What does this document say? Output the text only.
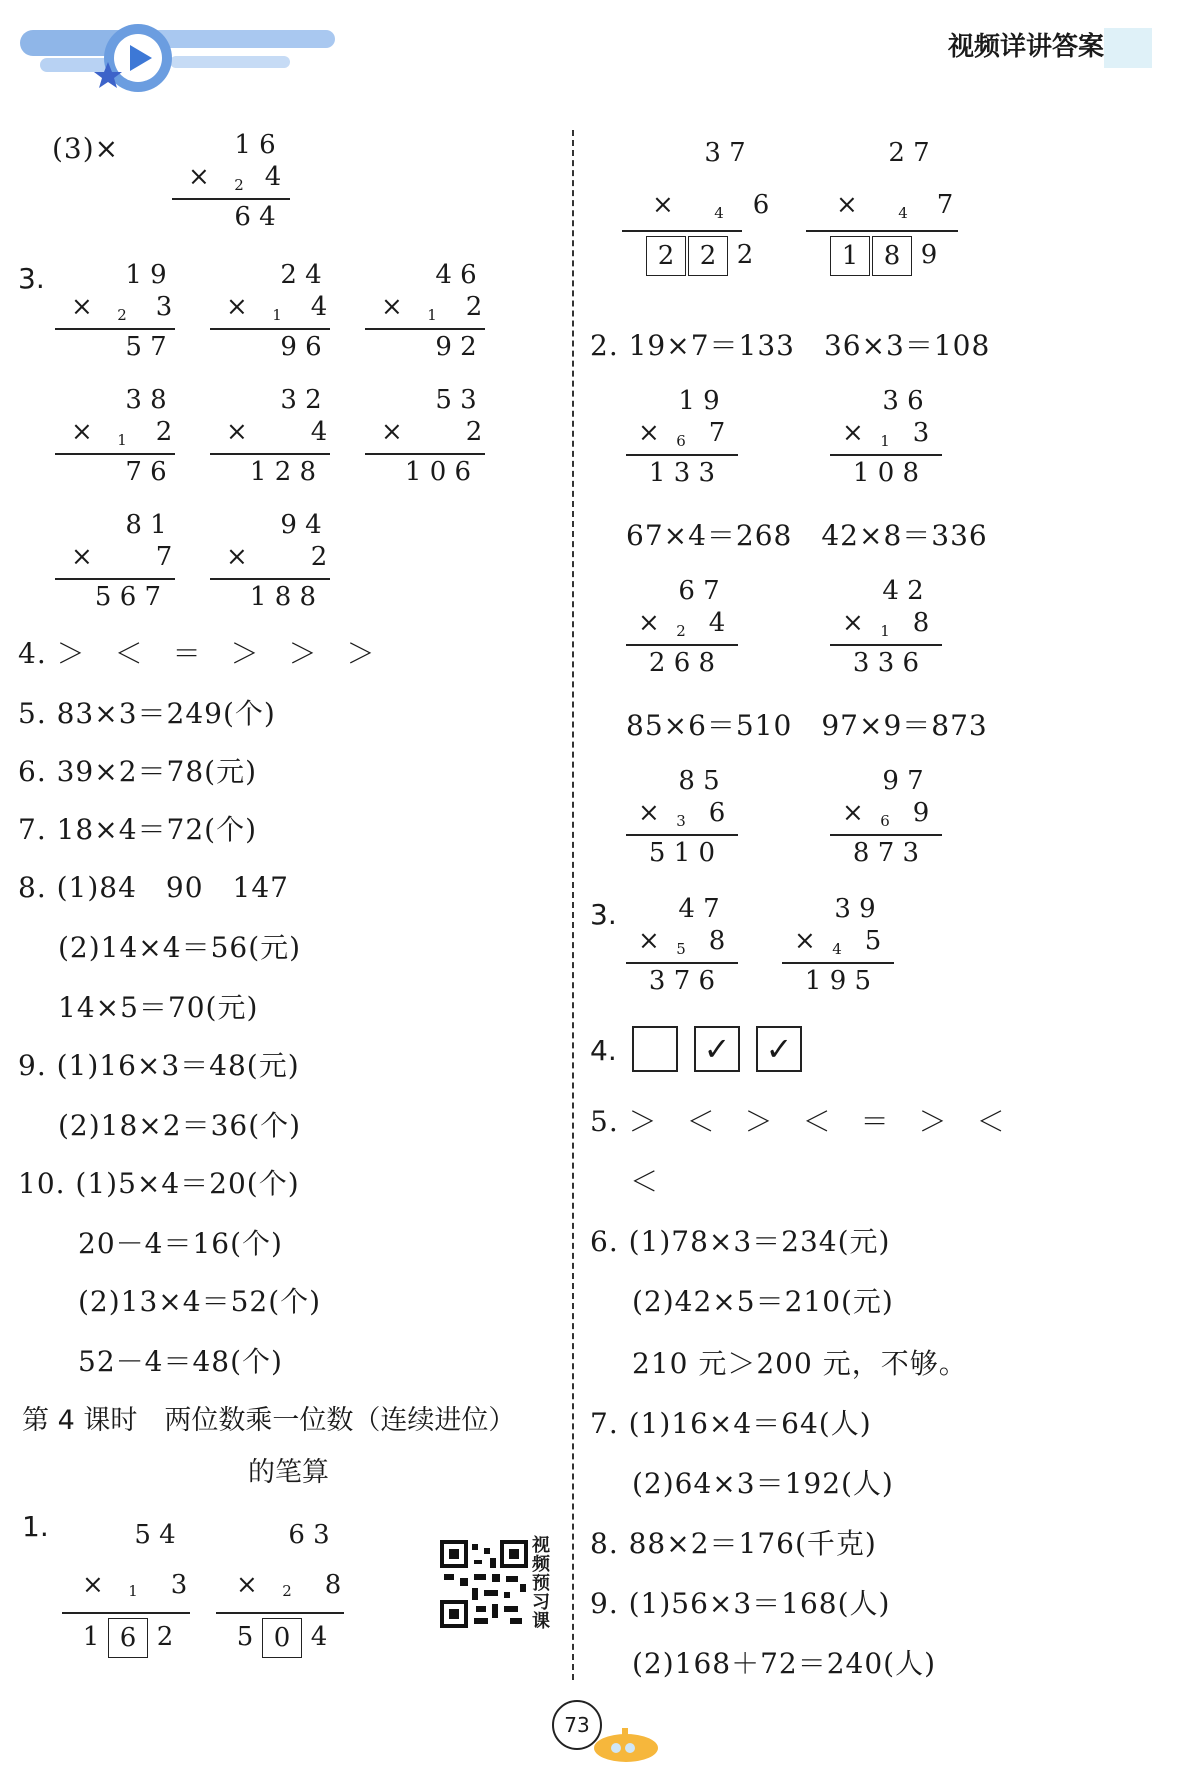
视频详讲答案
(3)×	1 6
× 2 4
6 4
3.	1 9
× 2	3
5 7
2 4
× 1	4
9 6
4 6
× 1	2
9 2
3 8
× 1	2
7 6
3 2
×	4
1 2 8
5 3
×	2
1 0 6
8 1
×	7
5 6 7
9 4
×	2
1 8 8
4. ＞　＜　＝　＞　＞　＞
5. 83×3＝249(个)
6. 39×2＝78(元)
7. 18×4＝72(个)
8. (1)84　90　147
(2)14×4＝56(元)
14×5＝70(元)
9. (1)16×3＝48(元)
(2)18×2＝36(个)
10. (1)5×4＝20(个)
20－4＝16(个)
(2)13×4＝52(个)
52－4＝48(个)
第 4 课时　两位数乘一位数（连续进位）
的笔算
1.	5 4
× 1	3
1 6 2
6 3
× 2	8
5 0 4
视频预习课
3 7
×	4	6
2 2 2
2 7
×	4	7
1 8 9
2. 19×7＝133　36×3＝108
1 9
× 6 7
1 3 3
3 6
× 1 3
1 0 8
67×4＝268　42×8＝336
6 7
× 2 4
2 6 8
4 2
× 1 8
3 3 6
85×6＝510　97×9＝873
8 5
× 3 6
5 1 0
9 7
× 6 9
8 7 3
3.	4 7
× 5 8
3 7 6
3 9
× 4 5
1 9 5
4.	✓ ✓
5. ＞　＜　＞　＜　＝　＞　＜
＜
6. (1)78×3＝234(元)
(2)42×5＝210(元)
210 元＞200 元，不够。
7. (1)16×4＝64(人)
(2)64×3＝192(人)
8. 88×2＝176(千克)
9. (1)56×3＝168(人)
(2)168＋72＝240(人)
73
